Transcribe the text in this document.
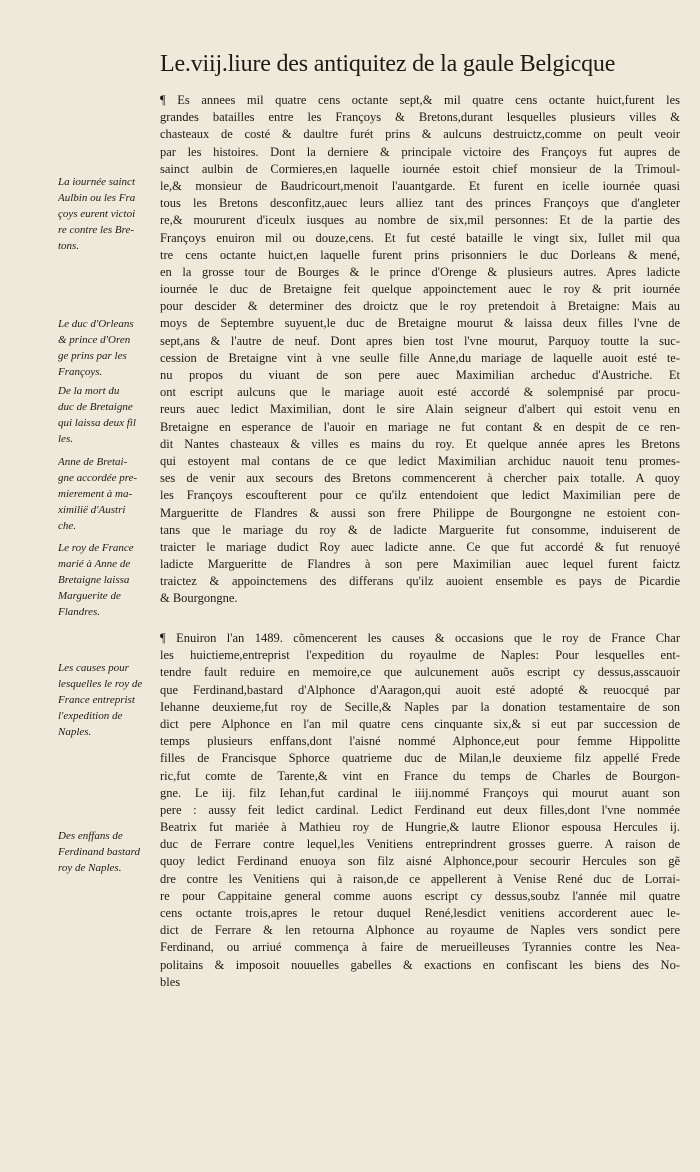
Le.viij.liure des antiquitez de la gaule Belgicque
¶ Es annees mil quatre cens octante sept,& mil quatre cens octante huict,furent les
grandes batailles entre les Françoys & Bretons,durant lesquelles plusieurs villes &
chasteaux de costé & daultre furét prins & aulcuns destruictz,comme on peult veoir
par les histoires. Dont la derniere & principale victoire des Françoys fut aupres de
sainct aulbin de Cormieres,en laquelle iournée estoit chief monsieur de la Trimoul-
le,& monsieur de Baudricourt,menoit l'auantgarde. Et furent en icelle iournée quasi
tous les Bretons desconfitz,auec leurs alliez tant des princes Françoys que d'angleter
re,& moururent d'iceulx iusques au nombre de six,mil personnes: Et de la partie des
Françoys enuiron mil ou douze,cens. Et fut cesté bataille le vingt six, Iullet mil qua
tre cens octante huict,en laquelle furent prins prisonniers le duc Dorleans & mené,
en la grosse tour de Bourges & le prince d'Orenge & plusieurs autres. Apres ladicte
iournée le duc de Bretaigne feit quelque appoinctement auec le roy & prit iournée
pour descider & determiner des droictz que le roy pretendoit à Bretaigne: Mais au
moys de Septembre suyuent,le duc de Bretaigne mourut & laissa deux filles l'vne de
sept,ans & l'autre de neuf. Dont apres bien tost l'vne mourut, Parquoy toutte la suc-
cession de Bretaigne vint à vne seulle fille Anne,du mariage de laquelle auoit esté te-
nu propos du viuant de son pere auec Maximilian archeduc d'Austriche. Et
ont escript aulcuns que le mariage auoit esté accordé & solempnisé par procu-
reurs auec ledict Maximilian, dont le sire Alain seigneur d'albert qui estoit venu en
Bretaigne en esperance de l'auoir en mariage ne fut contant & en despit de ce ren-
dit Nantes chasteaux & villes es mains du roy. Et quelque année apres les Bretons
qui estoyent mal contans de ce que ledict Maximilian archiduc nauoit tenu promes-
ses de venir aux secours des Bretons commencerent à chercher paix totalle. A quoy
les Françoys escoufterent pour ce qu'ilz entendoient que ledict Maximilian pere de
Margueritte de Flandres & aussi son frere Philippe de Bourgongne ne estoient con-
tans que le mariage du roy & de ladicte Marguerite fut consomme, induiserent de
traicter le mariage dudict Roy auec ladicte anne. Ce que fut accordé & fut renuoyé
ladicte Margueritte de Flandres à son pere Maximilian auec lequel furent faictz
traictez & appoinctemens des differans qu'ilz auoient ensemble es pays de Picardie
& Bourgongne.
¶ Enuiron l'an 1489. cõmencerent les causes & occasions que le roy de France Char
les huictieme,entreprist l'expedition du royaulme de Naples: Pour lesquelles ent-
tendre fault reduire en memoire,ce que aulcunement auõs escript cy dessus,asscauoir
que Ferdinand,bastard d'Alphonce d'Aaragon,qui auoit esté adopté & reuocqué par
Iehanne deuxieme,fut roy de Secille,& Naples par la donation testamentaire de son
dict pere Alphonce en l'an mil quatre cens cinquante six,& si eut par succession de
temps plusieurs enffans,dont l'aisné nommé Alphonce,eut pour femme Hippolitte
filles de Francisque Sphorce quatrieme duc de Milan,le deuxieme filz appellé Frede
ric,fut comte de Tarente,& vint en France du temps de Charles de Bourgon-
gne. Le iij. filz Iehan,fut cardinal le iiij.nommé Françoys qui mourut auant son
pere : aussy feit ledict cardinal. Ledict Ferdinand eut deux filles,dont l'vne nommée
Beatrix fut mariée à Mathieu roy de Hungrie,& lautre Elionor espousa Hercules ij.
duc de Ferrare contre lequel,les Venitiens entreprindrent grosses guerre. A raison de
quoy ledict Ferdinand enuoya son filz aisné Alphonce,pour secourir Hercules son gẽ
dre contre les Venitiens qui à raison,de ce appellerent à Venise René duc de Lorrai-
re pour Cappitaine general comme auons escript cy dessus,soubz l'année mil quatre
cens octante trois,apres le retour duquel René,lesdict venitiens accorderent auec le-
dict de Ferrare & len retourna Alphonce au royaume de Naples vers sondict pere
Ferdinand, ou arriué commença à faire de merueilleuses Tyrannies contre les Nea-
politains & imposoit nouuelles gabelles & exactions en confiscant les biens des No-
bles
La iournée sainct
Aulbin ou les Fra
çoys eurent victoi
re contre les Bre-
tons.
Le duc d'Orleans
& prince d'Oren
ge prins par les
Françoys.
De la mort du
duc de Bretaigne
qui laissa deux fil
les.
Anne de Bretai-
gne accordée pre-
mierement à ma-
ximilië d'Austri
che.
Le roy de France
marié à Anne de
Bretaigne laissa
Marguerite de
Flandres.
Les causes pour
lesquelles le roy de
France entreprist
l'expedition de
Naples.
Des enffans de
Ferdinand bastard
roy de Naples.
